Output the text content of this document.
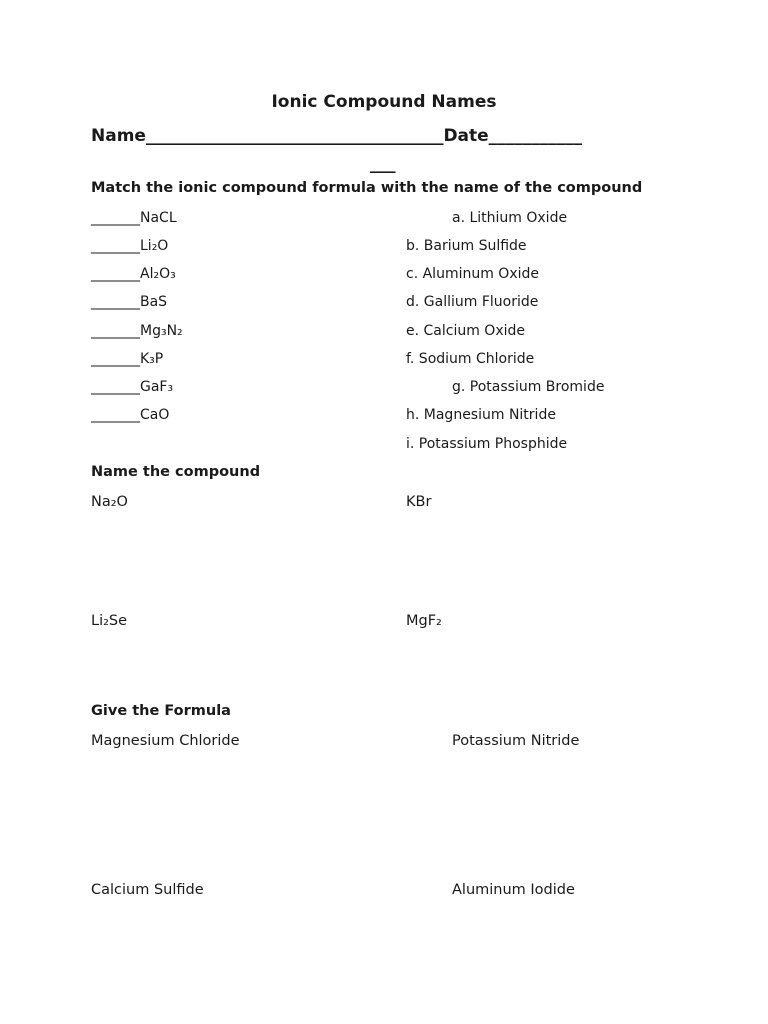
Ionic Compound Names
Name___________________________________Date___________
___
Match the ionic compound formula with the name of the compound
_______NaCL
_______Li₂O
_______Al₂O₃
_______BaS
_______Mg₃N₂
_______K₃P
_______GaF₃
_______CaO
a. Lithium Oxide
b. Barium Sulfide
c. Aluminum Oxide
d. Gallium Fluoride
e. Calcium Oxide
f. Sodium Chloride
g. Potassium Bromide
h. Magnesium Nitride
i. Potassium Phosphide
Name the compound
Na₂O	KBr
Li₂Se	MgF₂
Give the Formula
Magnesium Chloride	Potassium Nitride
Calcium Sulfide	Aluminum Iodide
